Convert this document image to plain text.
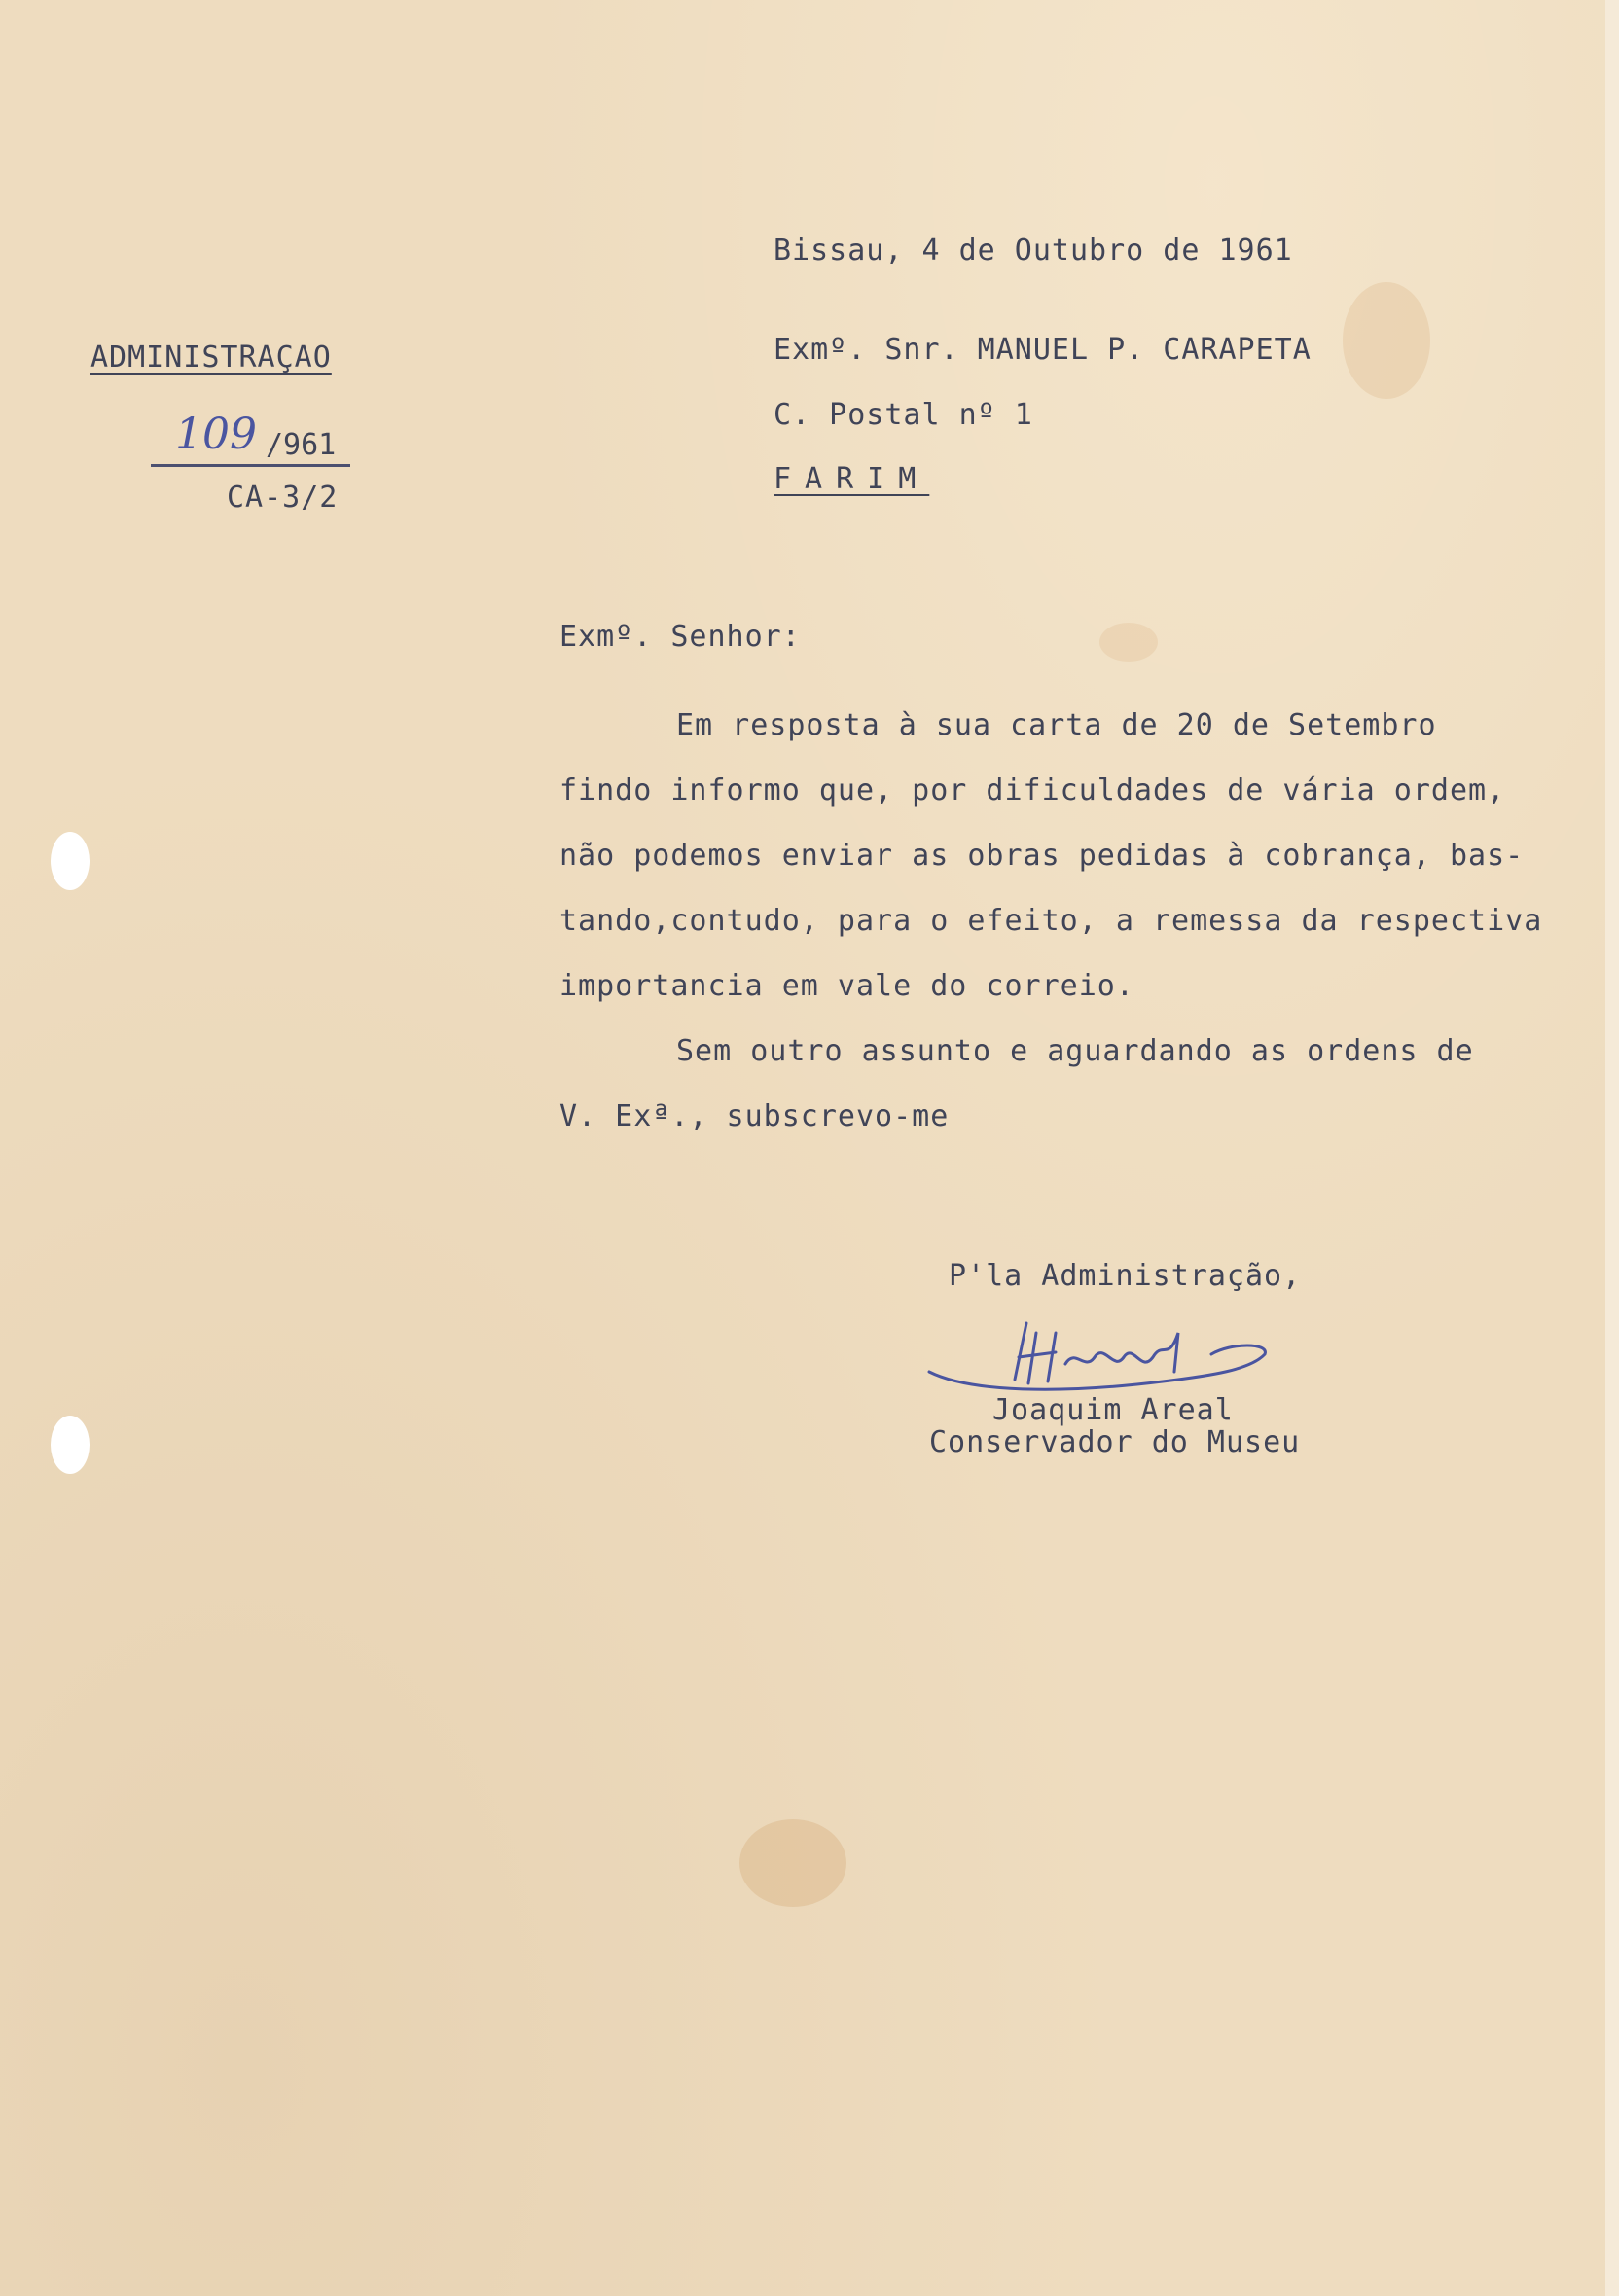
ADMINISTRAÇAO
109 /961
CA-3/2
Bissau, 4 de Outubro de 1961
Exmº. Snr. MANUEL P. CARAPETA
C. Postal nº 1
FARIM
Exmº. Senhor:
Em resposta à sua carta de 20 de Setembro
findo informo que, por dificuldades de vária ordem,
não podemos enviar as obras pedidas à cobrança, bas-
tando,contudo, para o efeito, a remessa da respectiva
importancia em vale do correio.
Sem outro assunto e aguardando as ordens de
V. Exª., subscrevo-me
P'la Administração,
Joaquim Areal
Conservador do Museu
